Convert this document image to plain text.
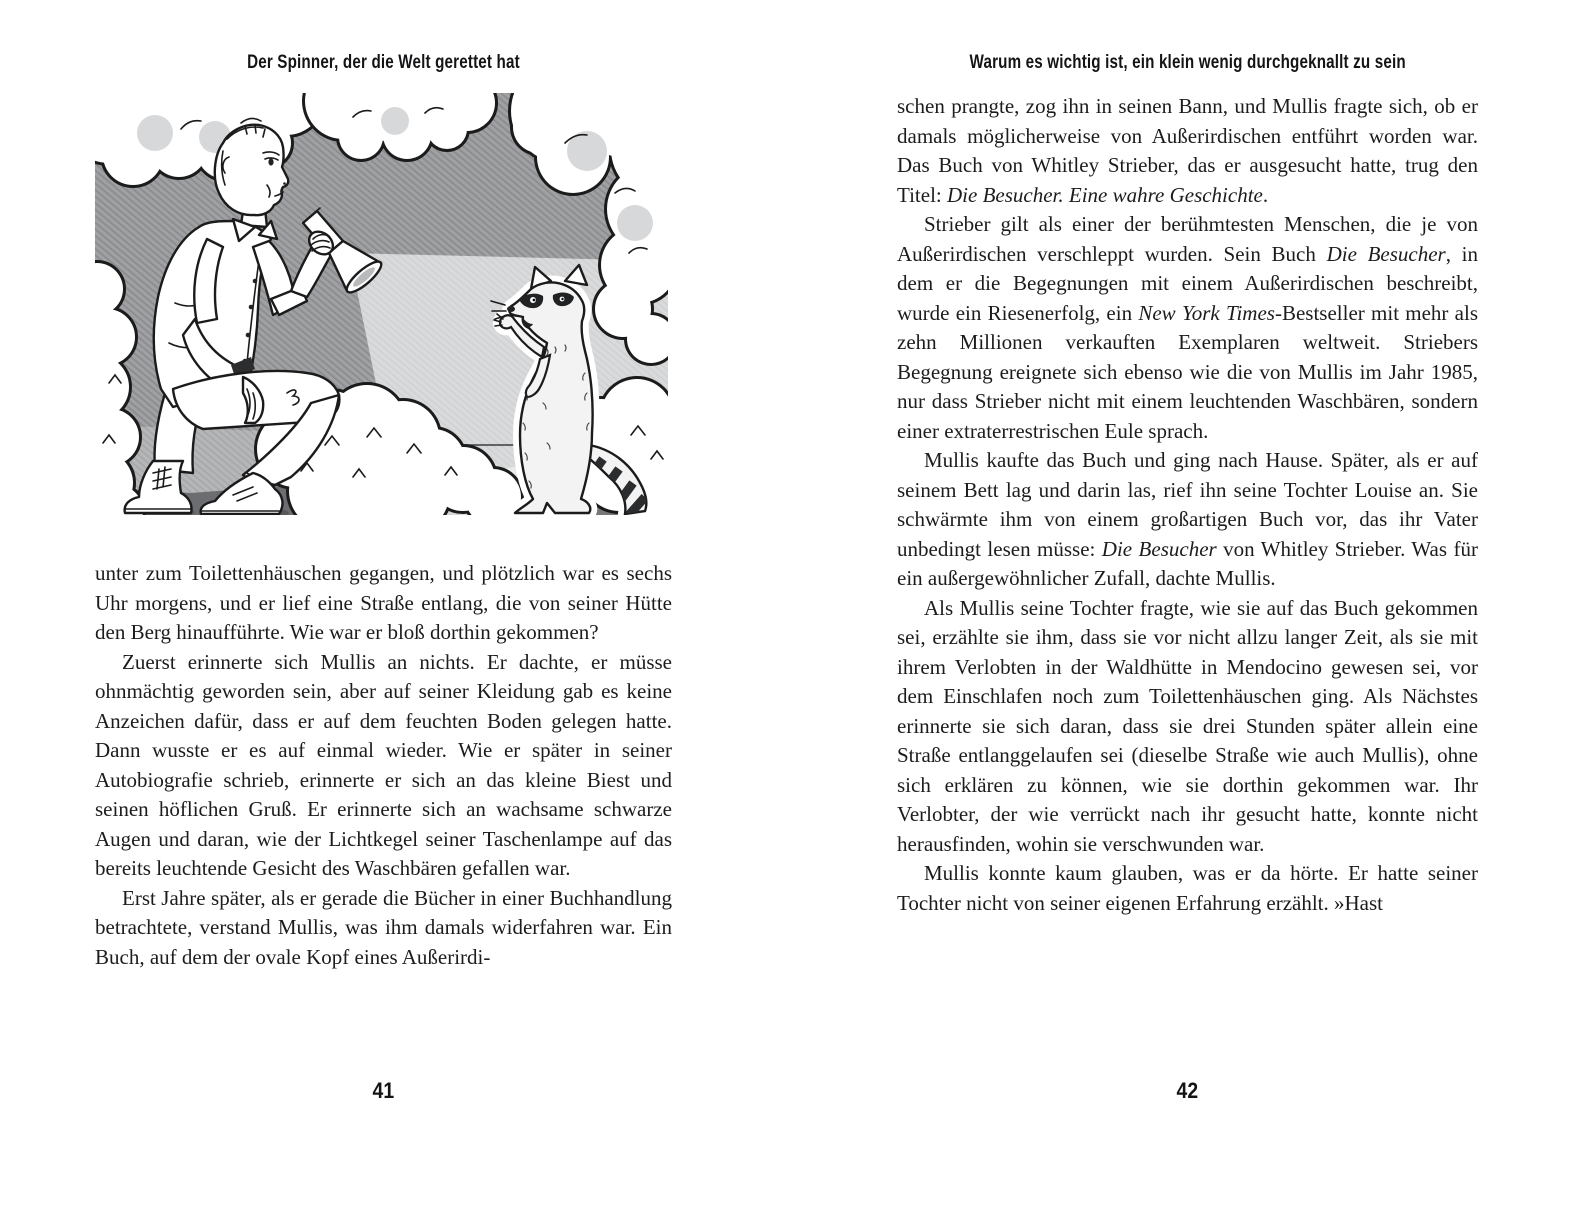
Der Spinner, der die Welt gerettet hat	Warum es wichtig ist, ein klein wenig durchgeknallt zu sein

unter zum Toilettenhäuschen gegangen, und plötzlich war es sechs Uhr morgens, und er lief eine Straße entlang, die von seiner Hütte den Berg hinaufführte. Wie war er bloß dorthin gekommen?

Zuerst erinnerte sich Mullis an nichts. Er dachte, er müsse ohnmächtig geworden sein, aber auf seiner Kleidung gab es keine Anzeichen dafür, dass er auf dem feuchten Boden gelegen hatte. Dann wusste er es auf einmal wieder. Wie er später in seiner Autobiografie schrieb, erinnerte er sich an das kleine Biest und seinen höflichen Gruß. Er erinnerte sich an wachsame schwarze Augen und daran, wie der Lichtkegel seiner Taschenlampe auf das bereits leuchtende Gesicht des Waschbären gefallen war.

Erst Jahre später, als er gerade die Bücher in einer Buchhandlung betrachtete, verstand Mullis, was ihm damals widerfahren war. Ein Buch, auf dem der ovale Kopf eines Außerirdi-

schen prangte, zog ihn in seinen Bann, und Mullis fragte sich, ob er damals möglicherweise von Außerirdischen entführt worden war. Das Buch von Whitley Strieber, das er ausgesucht hatte, trug den Titel: Die Besucher. Eine wahre Geschichte.

Strieber gilt als einer der berühmtesten Menschen, die je von Außerirdischen verschleppt wurden. Sein Buch Die Besucher, in dem er die Begegnungen mit einem Außerirdischen beschreibt, wurde ein Riesenerfolg, ein New York Times-Bestseller mit mehr als zehn Millionen verkauften Exemplaren weltweit. Striebers Begegnung ereignete sich ebenso wie die von Mullis im Jahr 1985, nur dass Strieber nicht mit einem leuchtenden Waschbären, sondern einer extraterrestrischen Eule sprach.

Mullis kaufte das Buch und ging nach Hause. Später, als er auf seinem Bett lag und darin las, rief ihn seine Tochter Louise an. Sie schwärmte ihm von einem großartigen Buch vor, das ihr Vater unbedingt lesen müsse: Die Besucher von Whitley Strieber. Was für ein außergewöhnlicher Zufall, dachte Mullis.

Als Mullis seine Tochter fragte, wie sie auf das Buch gekommen sei, erzählte sie ihm, dass sie vor nicht allzu langer Zeit, als sie mit ihrem Verlobten in der Waldhütte in Mendocino gewesen sei, vor dem Einschlafen noch zum Toilettenhäuschen ging. Als Nächstes erinnerte sie sich daran, dass sie drei Stunden später allein eine Straße entlanggelaufen sei (dieselbe Straße wie auch Mullis), ohne sich erklären zu können, wie sie dorthin gekommen war. Ihr Verlobter, der wie verrückt nach ihr gesucht hatte, konnte nicht herausfinden, wohin sie verschwunden war.

Mullis konnte kaum glauben, was er da hörte. Er hatte seiner Tochter nicht von seiner eigenen Erfahrung erzählt. »Hast

41	42
